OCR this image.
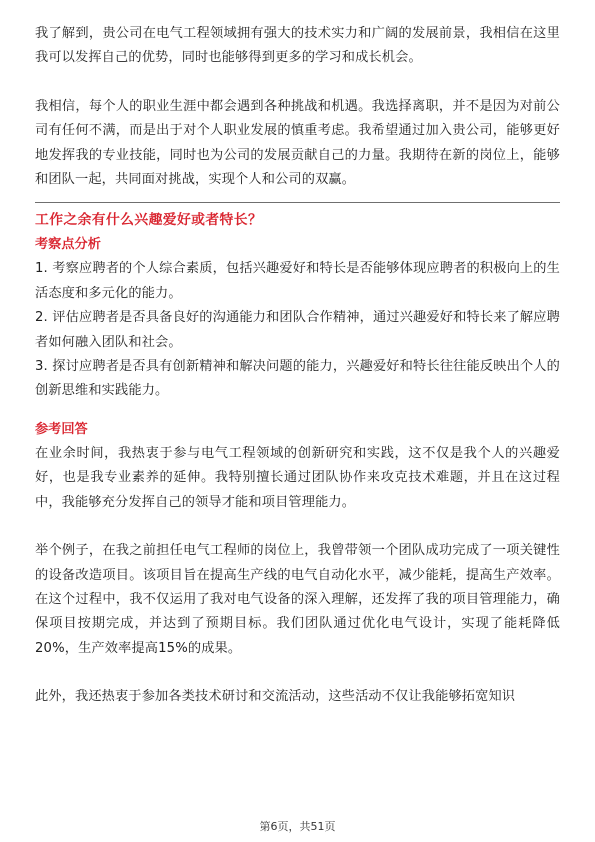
我了解到，贵公司在电气工程领域拥有强大的技术实力和广阔的发展前景，我相信在这里我可以发挥自己的优势，同时也能够得到更多的学习和成长机会。

我相信，每个人的职业生涯中都会遇到各种挑战和机遇。我选择离职，并不是因为对前公司有任何不满，而是出于对个人职业发展的慎重考虑。我希望通过加入贵公司，能够更好地发挥我的专业技能，同时也为公司的发展贡献自己的力量。我期待在新的岗位上，能够和团队一起，共同面对挑战，实现个人和公司的双赢。

工作之余有什么兴趣爱好或者特长？

考察点分析

1. 考察应聘者的个人综合素质，包括兴趣爱好和特长是否能够体现应聘者的积极向上的生活态度和多元化的能力。

2. 评估应聘者是否具备良好的沟通能力和团队合作精神，通过兴趣爱好和特长来了解应聘者如何融入团队和社会。

3. 探讨应聘者是否具有创新精神和解决问题的能力，兴趣爱好和特长往往能反映出个人的创新思维和实践能力。

参考回答

在业余时间，我热衷于参与电气工程领域的创新研究和实践，这不仅是我个人的兴趣爱好，也是我专业素养的延伸。我特别擅长通过团队协作来攻克技术难题，并且在这过程中，我能够充分发挥自己的领导才能和项目管理能力。

举个例子，在我之前担任电气工程师的岗位上，我曾带领一个团队成功完成了一项关键性的设备改造项目。该项目旨在提高生产线的电气自动化水平，减少能耗，提高生产效率。在这个过程中，我不仅运用了我对电气设备的深入理解，还发挥了我的项目管理能力，确保项目按期完成，并达到了预期目标。我们团队通过优化电气设计，实现了能耗降低20%，生产效率提高15%的成果。

此外，我还热衷于参加各类技术研讨和交流活动，这些活动不仅让我能够拓宽知识

第6页，共51页
